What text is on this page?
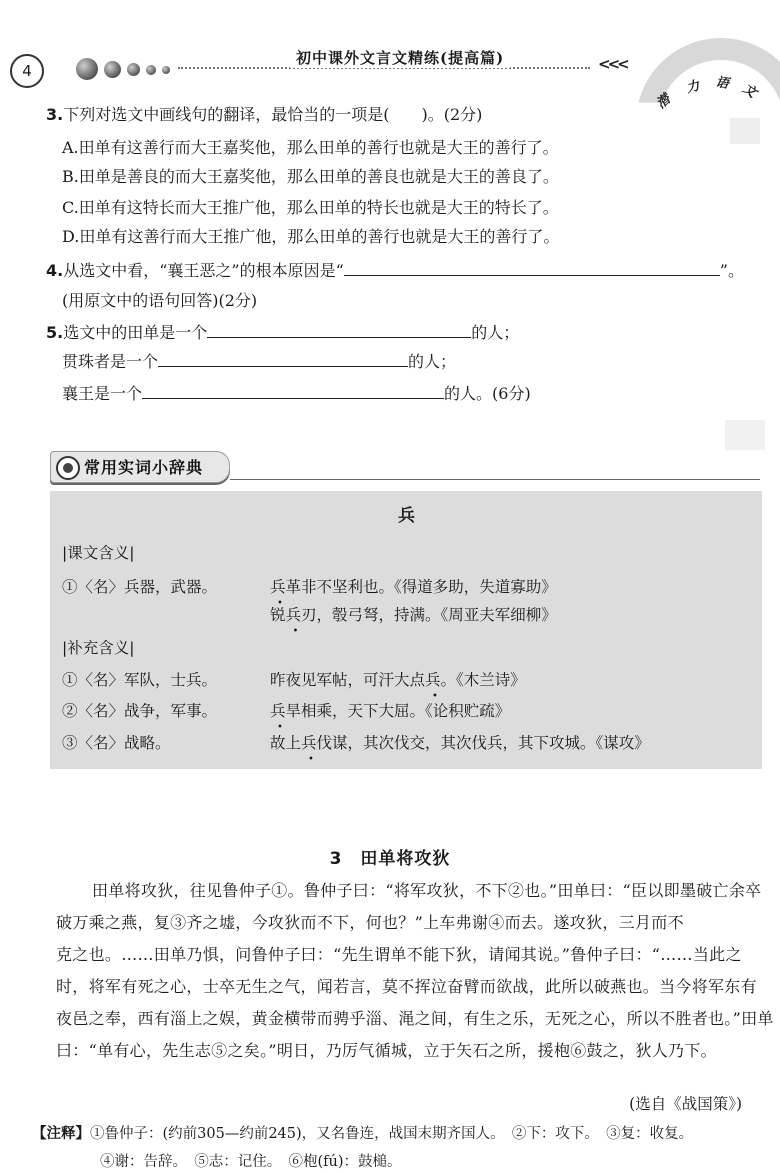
4
初中课外文言文精练(提高篇)	<<<
潜
力 语 文
3.下列对选文中画线句的翻译，最恰当的一项是(　　)。(2分)
A.田单有这善行而大王嘉奖他，那么田单的善行也就是大王的善行了。
B.田单是善良的而大王嘉奖他，那么田单的善良也就是大王的善良了。
C.田单有这特长而大王推广他，那么田单的特长也就是大王的特长了。
D.田单有这善行而大王推广他，那么田单的善行也就是大王的善行了。
4.从选文中看，“襄王恶之”的根本原因是“	”。
(用原文中的语句回答)(2分)
5.选文中的田单是一个	的人；
贯珠者是一个	的人；
襄王是一个	的人。(6分)
常用实词小辞典
兵
|课文含义|
①〈名〉兵器，武器。	兵革非不坚利也。《得道多助，失道寡助》
锐兵刃，彀弓弩，持满。《周亚夫军细柳》
|补充含义|
①〈名〉军队，士兵。	昨夜见军帖，可汗大点兵。《木兰诗》
②〈名〉战争，军事。	兵旱相乘，天下大屈。《论积贮疏》
③〈名〉战略。	故上兵伐谋，其次伐交，其次伐兵，其下攻城。《谋攻》
3　田单将攻狄
田单将攻狄，往见鲁仲子①。鲁仲子曰：“将军攻狄，不下②也。”田单曰：“臣以即墨破亡余卒
破万乘之燕，复③齐之墟，今攻狄而不下，何也？”上车弗谢④而去。遂攻狄，三月而不
克之也。……田单乃惧，问鲁仲子曰：“先生谓单不能下狄，请闻其说。”鲁仲子曰：“……当此之
时，将军有死之心，士卒无生之气，闻若言，莫不挥泣奋臂而欲战，此所以破燕也。当今将军东有
夜邑之奉，西有淄上之娱，黄金横带而骋乎淄、渑之间，有生之乐，无死之心，所以不胜者也。”田单
曰：“单有心，先生志⑤之矣。”明日，乃厉气循城，立于矢石之所，援枹⑥鼓之，狄人乃下。
(选自《战国策》)
【注释】①鲁仲子：(约前305—约前245)，又名鲁连，战国末期齐国人。　②下：攻下。　③复：收复。
④谢：告辞。　⑤志：记住。　⑥枹(fú)：鼓槌。
